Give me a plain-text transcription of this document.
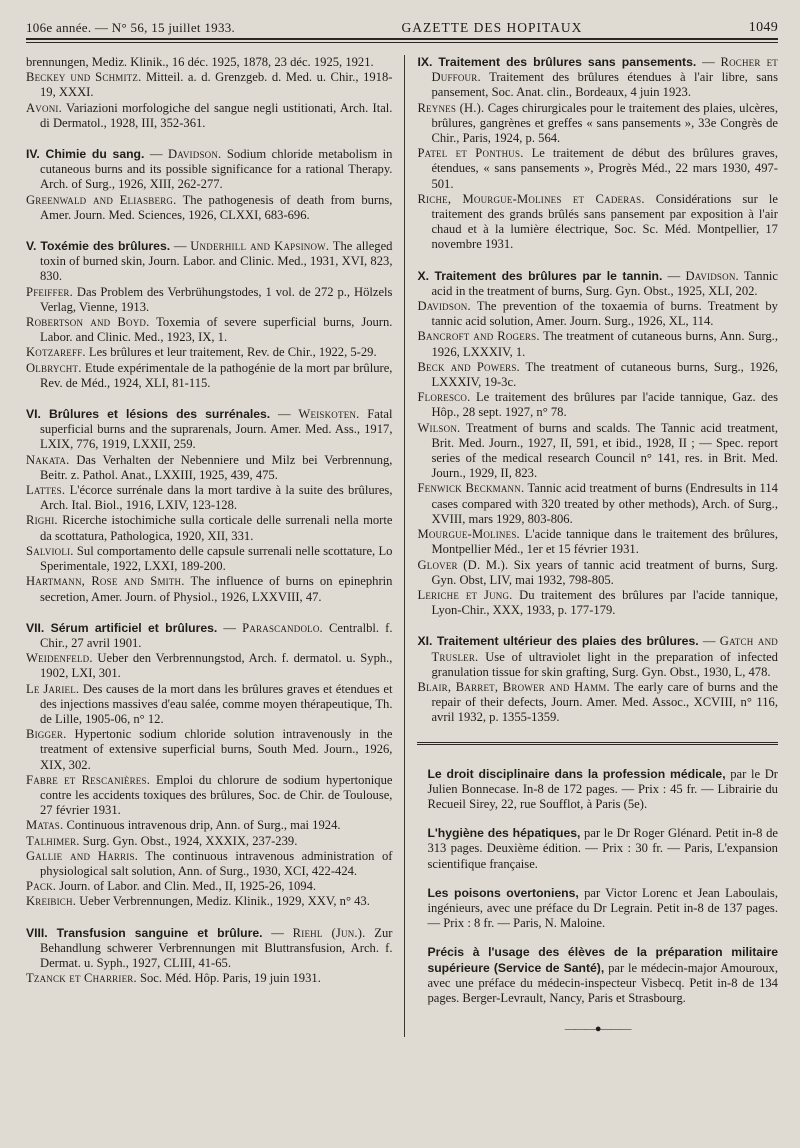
106e année. — N° 56, 15 juillet 1933.	GAZETTE DES HOPITAUX	1049

brennungen, Mediz. Klinik., 16 déc. 1925, 1878, 23 déc. 1925, 1921.

Beckey und Schmitz. Mitteil. a. d. Grenzgeb. d. Med. u. Chir., 1918-19, XXXI.

Avoni. Variazioni morfologiche del sangue negli ustitionati, Arch. Ital. di Dermatol., 1928, III, 352-361.

IV. Chimie du sang. — Davidson. Sodium chloride metabolism in cutaneous burns and its possible significance for a rational Therapy. Arch. of Surg., 1926, XIII, 262-277.

Greenwald and Eliasberg. The pathogenesis of death from burns, Amer. Journ. Med. Sciences, 1926, CLXXI, 683-696.

V. Toxémie des brûlures. — Underhill and Kapsinow. The alleged toxin of burned skin, Journ. Labor. and Clinic. Med., 1931, XVI, 823, 830.

Pfeiffer. Das Problem des Verbrühungstodes, 1 vol. de 272 p., Hölzels Verlag, Vienne, 1913.

Robertson and Boyd. Toxemia of severe superficial burns, Journ. Labor. and Clinic. Med., 1923, IX, 1.

Kotzareff. Les brûlures et leur traitement, Rev. de Chir., 1922, 5-29.

Olbrycht. Etude expérimentale de la pathogénie de la mort par brûlure, Rev. de Méd., 1924, XLI, 81-115.

VI. Brûlures et lésions des surrénales. — Weiskoten. Fatal superficial burns and the suprarenals, Journ. Amer. Med. Ass., 1917, LXIX, 776, 1919, LXXII, 259.

Nakata. Das Verhalten der Nebenniere und Milz bei Verbrennung, Beitr. z. Pathol. Anat., LXXIII, 1925, 439, 475.

Lattes. L'écorce surrénale dans la mort tardive à la suite des brûlures, Arch. Ital. Biol., 1916, LXIV, 123-128.

Righi. Ricerche istochimiche sulla corticale delle surrenali nella morte da scottatura, Pathologica, 1920, XII, 331.

Salvioli. Sul comportamento delle capsule surrenali nelle scottature, Lo Sperimentale, 1922, LXXI, 189-200.

Hartmann, Rose and Smith. The influence of burns on epinephrin secretion, Amer. Journ. of Physiol., 1926, LXXVIII, 47.

VII. Sérum artificiel et brûlures. — Parascandolo. Centralbl. f. Chir., 27 avril 1901.

Weidenfeld. Ueber den Verbrennungstod, Arch. f. dermatol. u. Syph., 1902, LXI, 301.

Le Jariel. Des causes de la mort dans les brûlures graves et étendues et des injections massives d'eau salée, comme moyen thérapeutique, Th. de Lille, 1905-06, n° 12.

Bigger. Hypertonic sodium chloride solution intravenously in the treatment of extensive superficial burns, South Med. Journ., 1926, XIX, 302.

Fabre et Rescanières. Emploi du chlorure de sodium hypertonique contre les accidents toxiques des brûlures, Soc. de Chir. de Toulouse, 27 février 1931.

Matas. Continuous intravenous drip, Ann. of Surg., mai 1924.

Talhimer. Surg. Gyn. Obst., 1924, XXXIX, 237-239.

Gallie and Harris. The continuous intravenous administration of physiological salt solution, Ann. of Surg., 1930, XCI, 422-424.

Pack. Journ. of Labor. and Clin. Med., II, 1925-26, 1094.

Kreibich. Ueber Verbrennungen, Mediz. Klinik., 1929, XXV, n° 43.

VIII. Transfusion sanguine et brûlure. — Riehl (Jun.). Zur Behandlung schwerer Verbrennungen mit Bluttransfusion, Arch. f. Dermat. u. Syph., 1927, CLIII, 41-65.

Tzanck et Charrier. Soc. Méd. Hôp. Paris, 19 juin 1931.

IX. Traitement des brûlures sans pansements. — Rocher et Duffour. Traitement des brûlures étendues à l'air libre, sans pansement, Soc. Anat. clin., Bordeaux, 4 juin 1923.

Reynes (H.). Cages chirurgicales pour le traitement des plaies, ulcères, brûlures, gangrènes et greffes « sans pansements », 33e Congrès de Chir., Paris, 1924, p. 564.

Patel et Ponthus. Le traitement de début des brûlures graves, étendues, « sans pansements », Progrès Méd., 22 mars 1930, 497-501.

Riche, Mourgue-Molines et Caderas. Considérations sur le traitement des grands brûlés sans pansement par exposition à l'air chaud et à la lumière électrique, Soc. Sc. Méd. Montpellier, 17 novembre 1931.

X. Traitement des brûlures par le tannin. — Davidson. Tannic acid in the treatment of burns, Surg. Gyn. Obst., 1925, XLI, 202.

Davidson. The prevention of the toxaemia of burns. Treatment by tannic acid solution, Amer. Journ. Surg., 1926, XL, 114.

Bancroft and Rogers. The treatment of cutaneous burns, Ann. Surg., 1926, LXXXIV, 1.

Beck and Powers. The treatment of cutaneous burns, Surg., 1926, LXXXIV, 19-3c.

Floresco. Le traitement des brûlures par l'acide tannique, Gaz. des Hôp., 28 sept. 1927, n° 78.

Wilson. Treatment of burns and scalds. The Tannic acid treatment, Brit. Med. Journ., 1927, II, 591, et ibid., 1928, II ; — Spec. report series of the medical research Council n° 141, res. in Brit. Med. Journ., 1929, II, 823.

Fenwick Beckmann. Tannic acid treatment of burns (Endresults in 114 cases compared with 320 treated by other methods), Arch. of Surg., XVIII, mars 1929, 803-806.

Mourgue-Molines. L'acide tannique dans le traitement des brûlures, Montpellier Méd., 1er et 15 février 1931.

Glover (D. M.). Six years of tannic acid treatment of burns, Surg. Gyn. Obst, LIV, mai 1932, 798-805.

Leriche et Jung. Du traitement des brûlures par l'acide tannique, Lyon-Chir., XXX, 1933, p. 177-179.

XI. Traitement ultérieur des plaies des brûlures. — Gatch and Trusler. Use of ultraviolet light in the preparation of infected granulation tissue for skin grafting, Surg. Gyn. Obst., 1930, L, 478.

Blair, Barret, Brower and Hamm. The early care of burns and the repair of their defects, Journ. Amer. Med. Assoc., XCVIII, n° 116, avril 1932, p. 1355-1359.

Le droit disciplinaire dans la profession médicale, par le Dr Julien Bonnecase. In-8 de 172 pages. — Prix : 45 fr. — Librairie du Recueil Sirey, 22, rue Soufflot, à Paris (5e).

L'hygiène des hépatiques, par le Dr Roger Glénard. Petit in-8 de 313 pages. Deuxième édition. — Prix : 30 fr. — Paris, L'expansion scientifique française.

Les poisons overtoniens, par Victor Lorenc et Jean Laboulais, ingénieurs, avec une préface du Dr Legrain. Petit in-8 de 137 pages. — Prix : 8 fr. — Paris, N. Maloine.

Précis à l'usage des élèves de la préparation militaire supérieure (Service de Santé), par le médecin-major Amouroux, avec une préface du médecin-inspecteur Visbecq. Petit in-8 de 134 pages. Berger-Levrault, Nancy, Paris et Strasbourg.

———●———
